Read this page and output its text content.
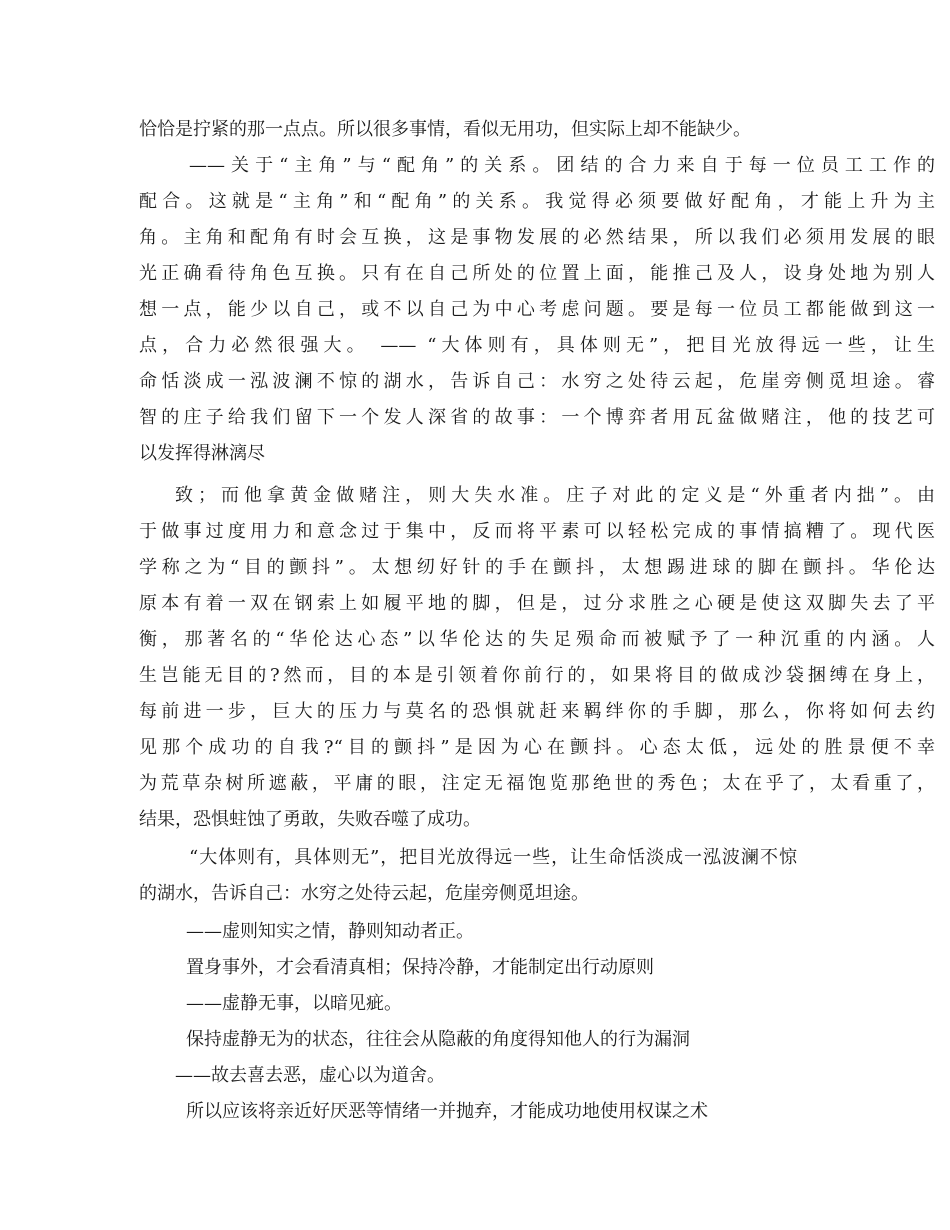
恰恰是拧紧的那一点点。所以很多事情，看似无用功，但实际上却不能缺少。
——关于“主角”与“配角”的关系。团结的合力来自于每一位员工工作的
配合。这就是“主角”和“配角”的关系。我觉得必须要做好配角，才能上升为主
角。主角和配角有时会互换，这是事物发展的必然结果，所以我们必须用发展的眼
光正确看待角色互换。只有在自己所处的位置上面，能推己及人，设身处地为别人
想一点，能少以自己，或不以自己为中心考虑问题。要是每一位员工都能做到这一
点，合力必然很强大。 —— “大体则有，具体则无”，把目光放得远一些，让生
命恬淡成一泓波澜不惊的湖水，告诉自己：水穷之处待云起，危崖旁侧觅坦途。睿
智的庄子给我们留下一个发人深省的故事：一个博弈者用瓦盆做赌注，他的技艺可
以发挥得淋漓尽
致；而他拿黄金做赌注，则大失水准。庄子对此的定义是“外重者内拙”。由
于做事过度用力和意念过于集中，反而将平素可以轻松完成的事情搞糟了。现代医
学称之为“目的颤抖”。太想纫好针的手在颤抖，太想踢进球的脚在颤抖。华伦达
原本有着一双在钢索上如履平地的脚，但是，过分求胜之心硬是使这双脚失去了平
衡，那著名的“华伦达心态”以华伦达的失足殒命而被赋予了一种沉重的内涵。人
生岂能无目的?然而，目的本是引领着你前行的，如果将目的做成沙袋捆缚在身上，
每前进一步，巨大的压力与莫名的恐惧就赶来羁绊你的手脚，那么，你将如何去约
见那个成功的自我?“目的颤抖”是因为心在颤抖。心态太低，远处的胜景便不幸
为荒草杂树所遮蔽，平庸的眼，注定无福饱览那绝世的秀色；太在乎了，太看重了，
结果，恐惧蛀蚀了勇敢，失败吞噬了成功。
“大体则有，具体则无”，把目光放得远一些，让生命恬淡成一泓波澜不惊
的湖水，告诉自己：水穷之处待云起，危崖旁侧觅坦途。
——虚则知实之情，静则知动者正。
置身事外，才会看清真相；保持冷静，才能制定出行动原则
——虚静无事，以暗见疵。
保持虚静无为的状态，往往会从隐蔽的角度得知他人的行为漏洞
——故去喜去恶，虚心以为道舍。
所以应该将亲近好厌恶等情绪一并抛弃，才能成功地使用权谋之术
